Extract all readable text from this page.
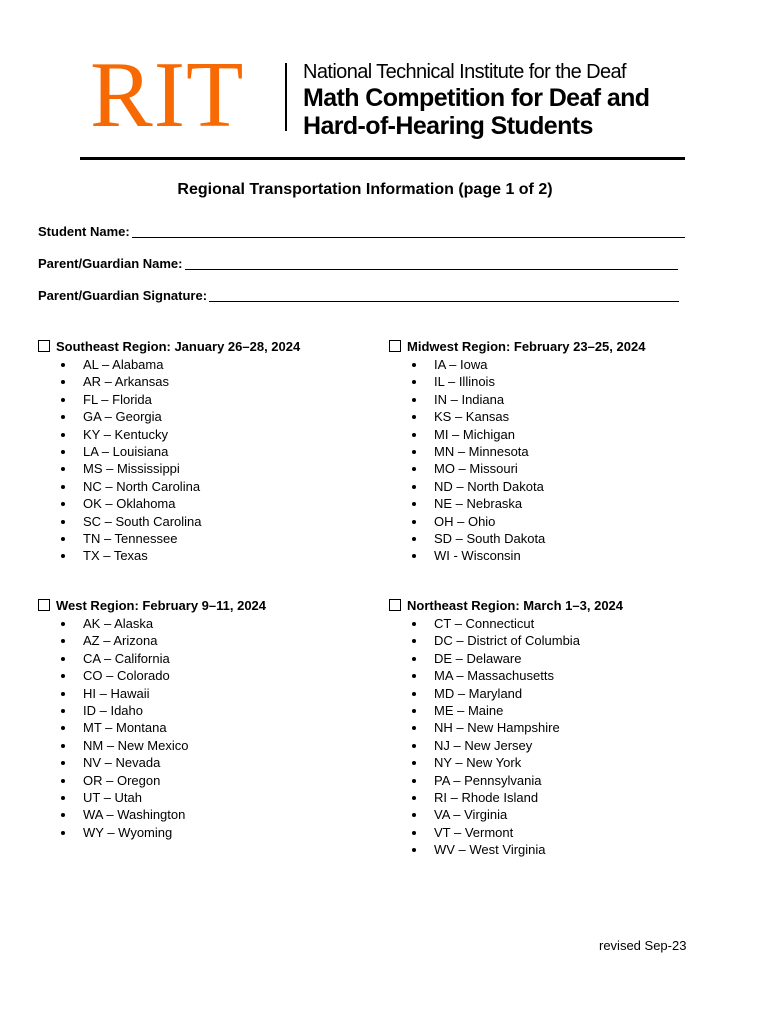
RIT	National Technical Institute for the Deaf
Math Competition for Deaf and
Hard-of-Hearing Students
Regional Transportation Information (page 1 of 2)
Student Name:
Parent/Guardian Name:
Parent/Guardian Signature:
Southeast Region: January 26–28, 2024
AL – Alabama
AR – Arkansas
FL – Florida
GA – Georgia
KY – Kentucky
LA – Louisiana
MS – Mississippi
NC – North Carolina
OK – Oklahoma
SC – South Carolina
TN – Tennessee
TX – Texas
Midwest Region: February 23–25, 2024
IA – Iowa
IL – Illinois
IN – Indiana
KS – Kansas
MI – Michigan
MN – Minnesota
MO – Missouri
ND – North Dakota
NE – Nebraska
OH – Ohio
SD – South Dakota
WI - Wisconsin
West Region: February 9–11, 2024
AK – Alaska
AZ – Arizona
CA – California
CO – Colorado
HI – Hawaii
ID – Idaho
MT – Montana
NM – New Mexico
NV – Nevada
OR – Oregon
UT – Utah
WA – Washington
WY – Wyoming
Northeast Region: March 1–3, 2024
CT – Connecticut
DC – District of Columbia
DE – Delaware
MA – Massachusetts
MD – Maryland
ME – Maine
NH – New Hampshire
NJ – New Jersey
NY – New York
PA – Pennsylvania
RI – Rhode Island
VA – Virginia
VT – Vermont
WV – West Virginia
revised Sep-23
